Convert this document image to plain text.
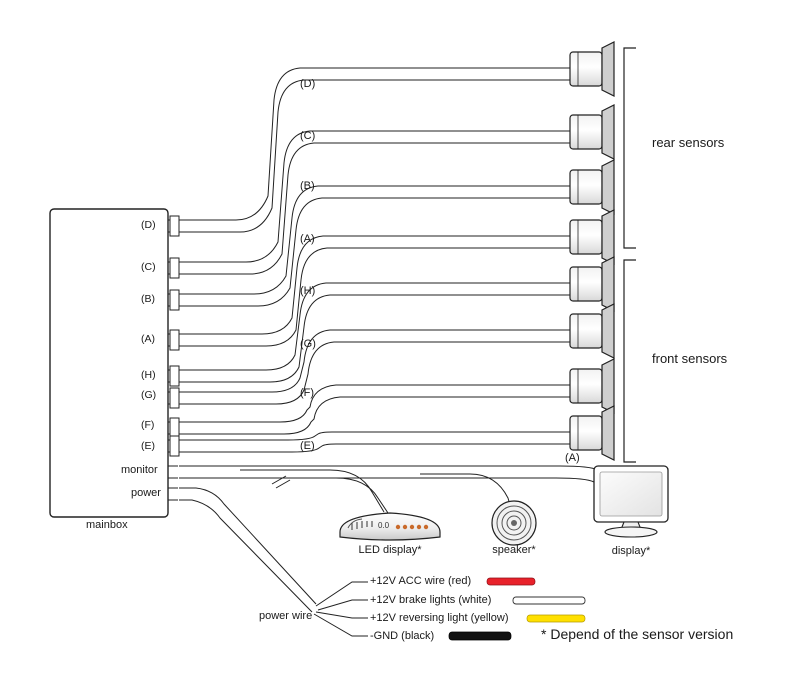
(D)
(C)
(B)
(A)
(H)
(G)
(F)
(E)
monitor
power
mainbox
(D)
(C)
(B)
(A)
(H)
(G)
(F)
(E)
(A)
rear sensors
front sensors
LED display*	speaker*	display*
0.0
power wire
+12V ACC wire (red)
+12V brake lights (white)
+12V reversing light (yellow)
-GND (black)	* Depend of the sensor version
